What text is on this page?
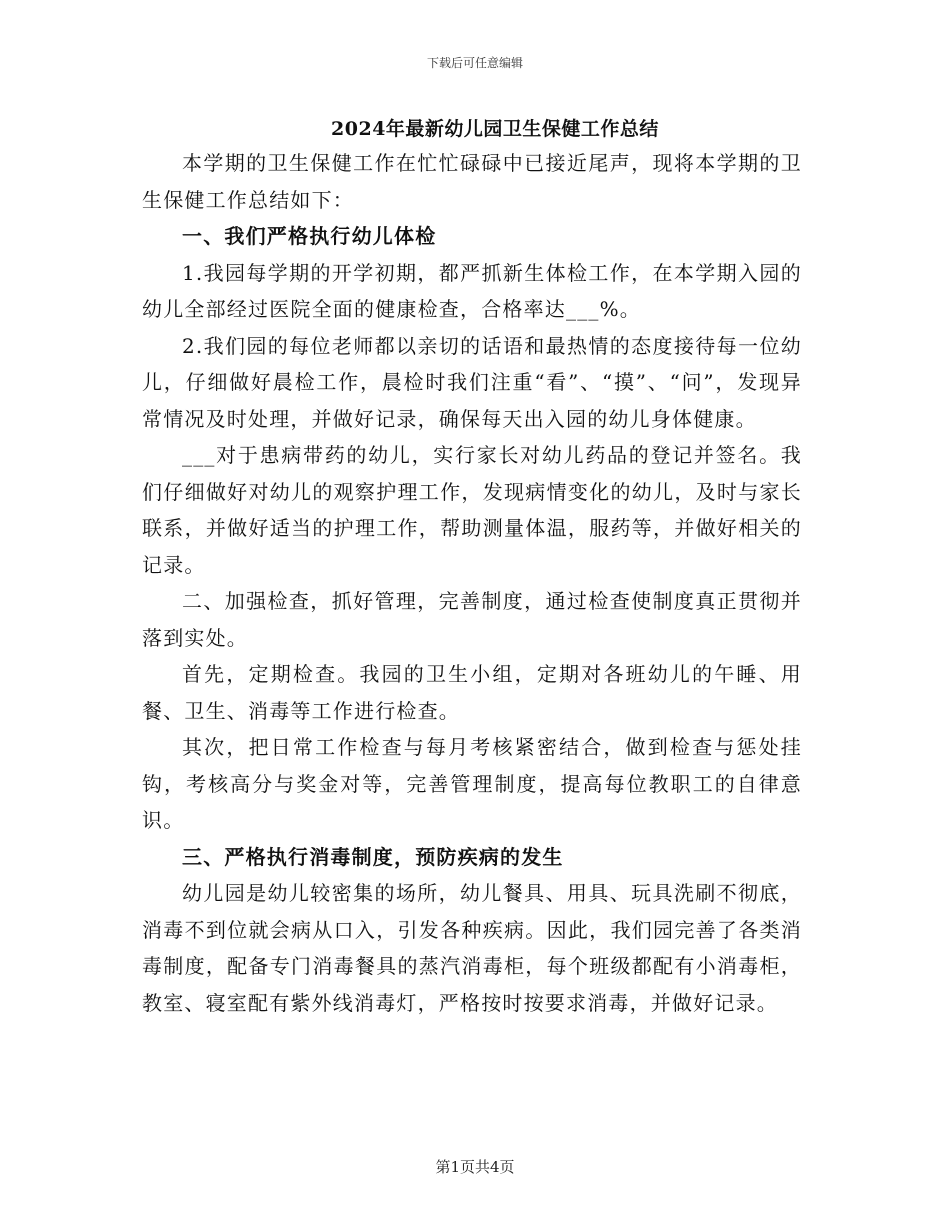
下载后可任意编辑
2024年最新幼儿园卫生保健工作总结

本学期的卫生保健工作在忙忙碌碌中已接近尾声，现将本学期的卫生保健工作总结如下：

一、我们严格执行幼儿体检

1.我园每学期的开学初期，都严抓新生体检工作，在本学期入园的幼儿全部经过医院全面的健康检查，合格率达___%。

2.我们园的每位老师都以亲切的话语和最热情的态度接待每一位幼儿，仔细做好晨检工作，晨检时我们注重“看”、“摸”、“问”，发现异常情况及时处理，并做好记录，确保每天出入园的幼儿身体健康。

___对于患病带药的幼儿，实行家长对幼儿药品的登记并签名。我们仔细做好对幼儿的观察护理工作，发现病情变化的幼儿，及时与家长联系，并做好适当的护理工作，帮助测量体温，服药等，并做好相关的记录。

二、加强检查，抓好管理，完善制度，通过检查使制度真正贯彻并落到实处。

首先，定期检查。我园的卫生小组，定期对各班幼儿的午睡、用餐、卫生、消毒等工作进行检查。

其次，把日常工作检查与每月考核紧密结合，做到检查与惩处挂钩，考核高分与奖金对等，完善管理制度，提高每位教职工的自律意识。

三、严格执行消毒制度，预防疾病的发生

幼儿园是幼儿较密集的场所，幼儿餐具、用具、玩具洗刷不彻底，消毒不到位就会病从口入，引发各种疾病。因此，我们园完善了各类消毒制度，配备专门消毒餐具的蒸汽消毒柜，每个班级都配有小消毒柜，教室、寝室配有紫外线消毒灯，严格按时按要求消毒，并做好记录。

第1页共4页
